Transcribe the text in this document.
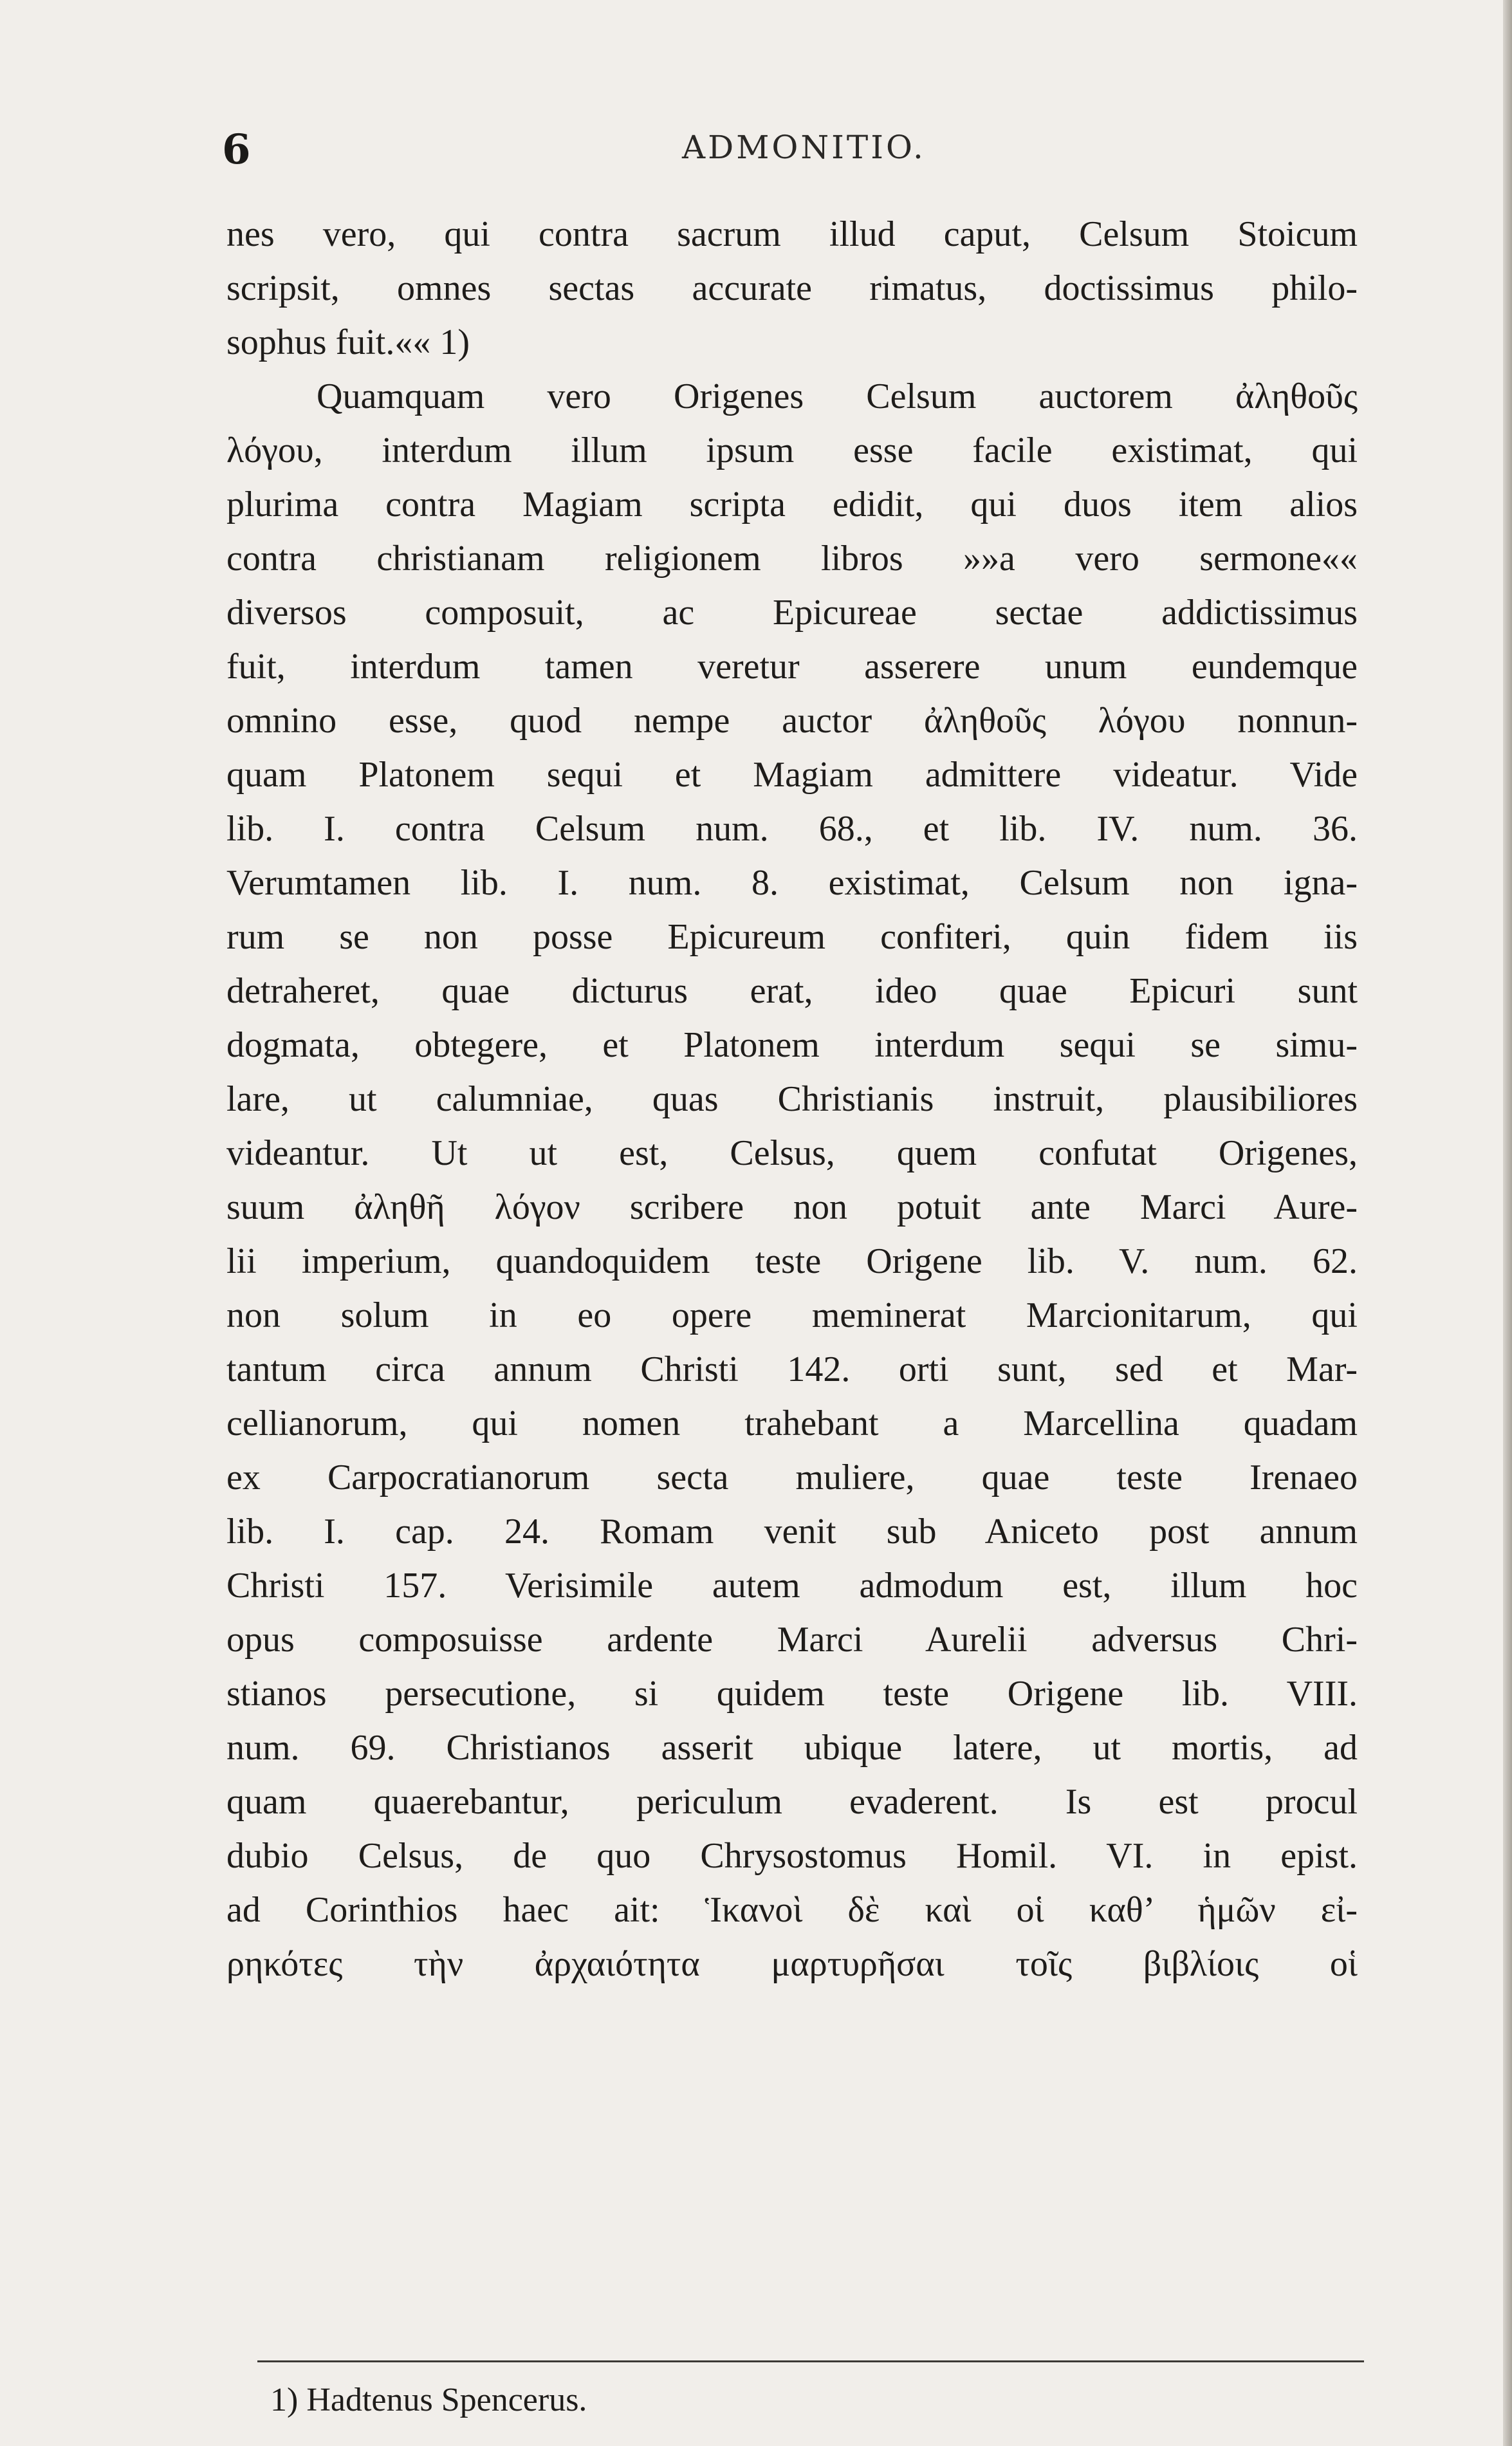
6	ADMONITIO.
nes vero, qui contra sacrum illud caput, Celsum Stoicum
scripsit, omnes sectas accurate rimatus, doctissimus philo-
sophus fuit.«« 1)
Quamquam vero Origenes Celsum auctorem ἀληθοῦς
λόγου, interdum illum ipsum esse facile existimat, qui
plurima contra Magiam scripta edidit, qui duos item alios
contra christianam religionem libros »»a vero sermone««
diversos composuit, ac Epicureae sectae addictissimus
fuit, interdum tamen veretur asserere unum eundemque
omnino esse, quod nempe auctor ἀληθοῦς λόγου nonnun-
quam Platonem sequi et Magiam admittere videatur. Vide
lib. I. contra Celsum num. 68., et lib. IV. num. 36.
Verumtamen lib. I. num. 8. existimat, Celsum non igna-
rum se non posse Epicureum confiteri, quin fidem iis
detraheret, quae dicturus erat, ideo quae Epicuri sunt
dogmata, obtegere, et Platonem interdum sequi se simu-
lare, ut calumniae, quas Christianis instruit, plausibiliores
videantur. Ut ut est, Celsus, quem confutat Origenes,
suum ἀληθῆ λόγον scribere non potuit ante Marci Aure-
lii imperium, quandoquidem teste Origene lib. V. num. 62.
non solum in eo opere meminerat Marcionitarum, qui
tantum circa annum Christi 142. orti sunt, sed et Mar-
cellianorum, qui nomen trahebant a Marcellina quadam
ex Carpocratianorum secta muliere, quae teste Irenaeo
lib. I. cap. 24. Romam venit sub Aniceto post annum
Christi 157. Verisimile autem admodum est, illum hoc
opus composuisse ardente Marci Aurelii adversus Chri-
stianos persecutione, si quidem teste Origene lib. VIII.
num. 69. Christianos asserit ubique latere, ut mortis, ad
quam quaerebantur, periculum evaderent. Is est procul
dubio Celsus, de quo Chrysostomus Homil. VI. in epist.
ad Corinthios haec ait: Ἱκανοὶ δὲ καὶ οἱ καθ’ ἡμῶν εἰ-
ρηκότες τὴν ἀρχαιότητα μαρτυρῆσαι τοῖς βιβλίοις οἱ
1) Hadtenus Spencerus.
